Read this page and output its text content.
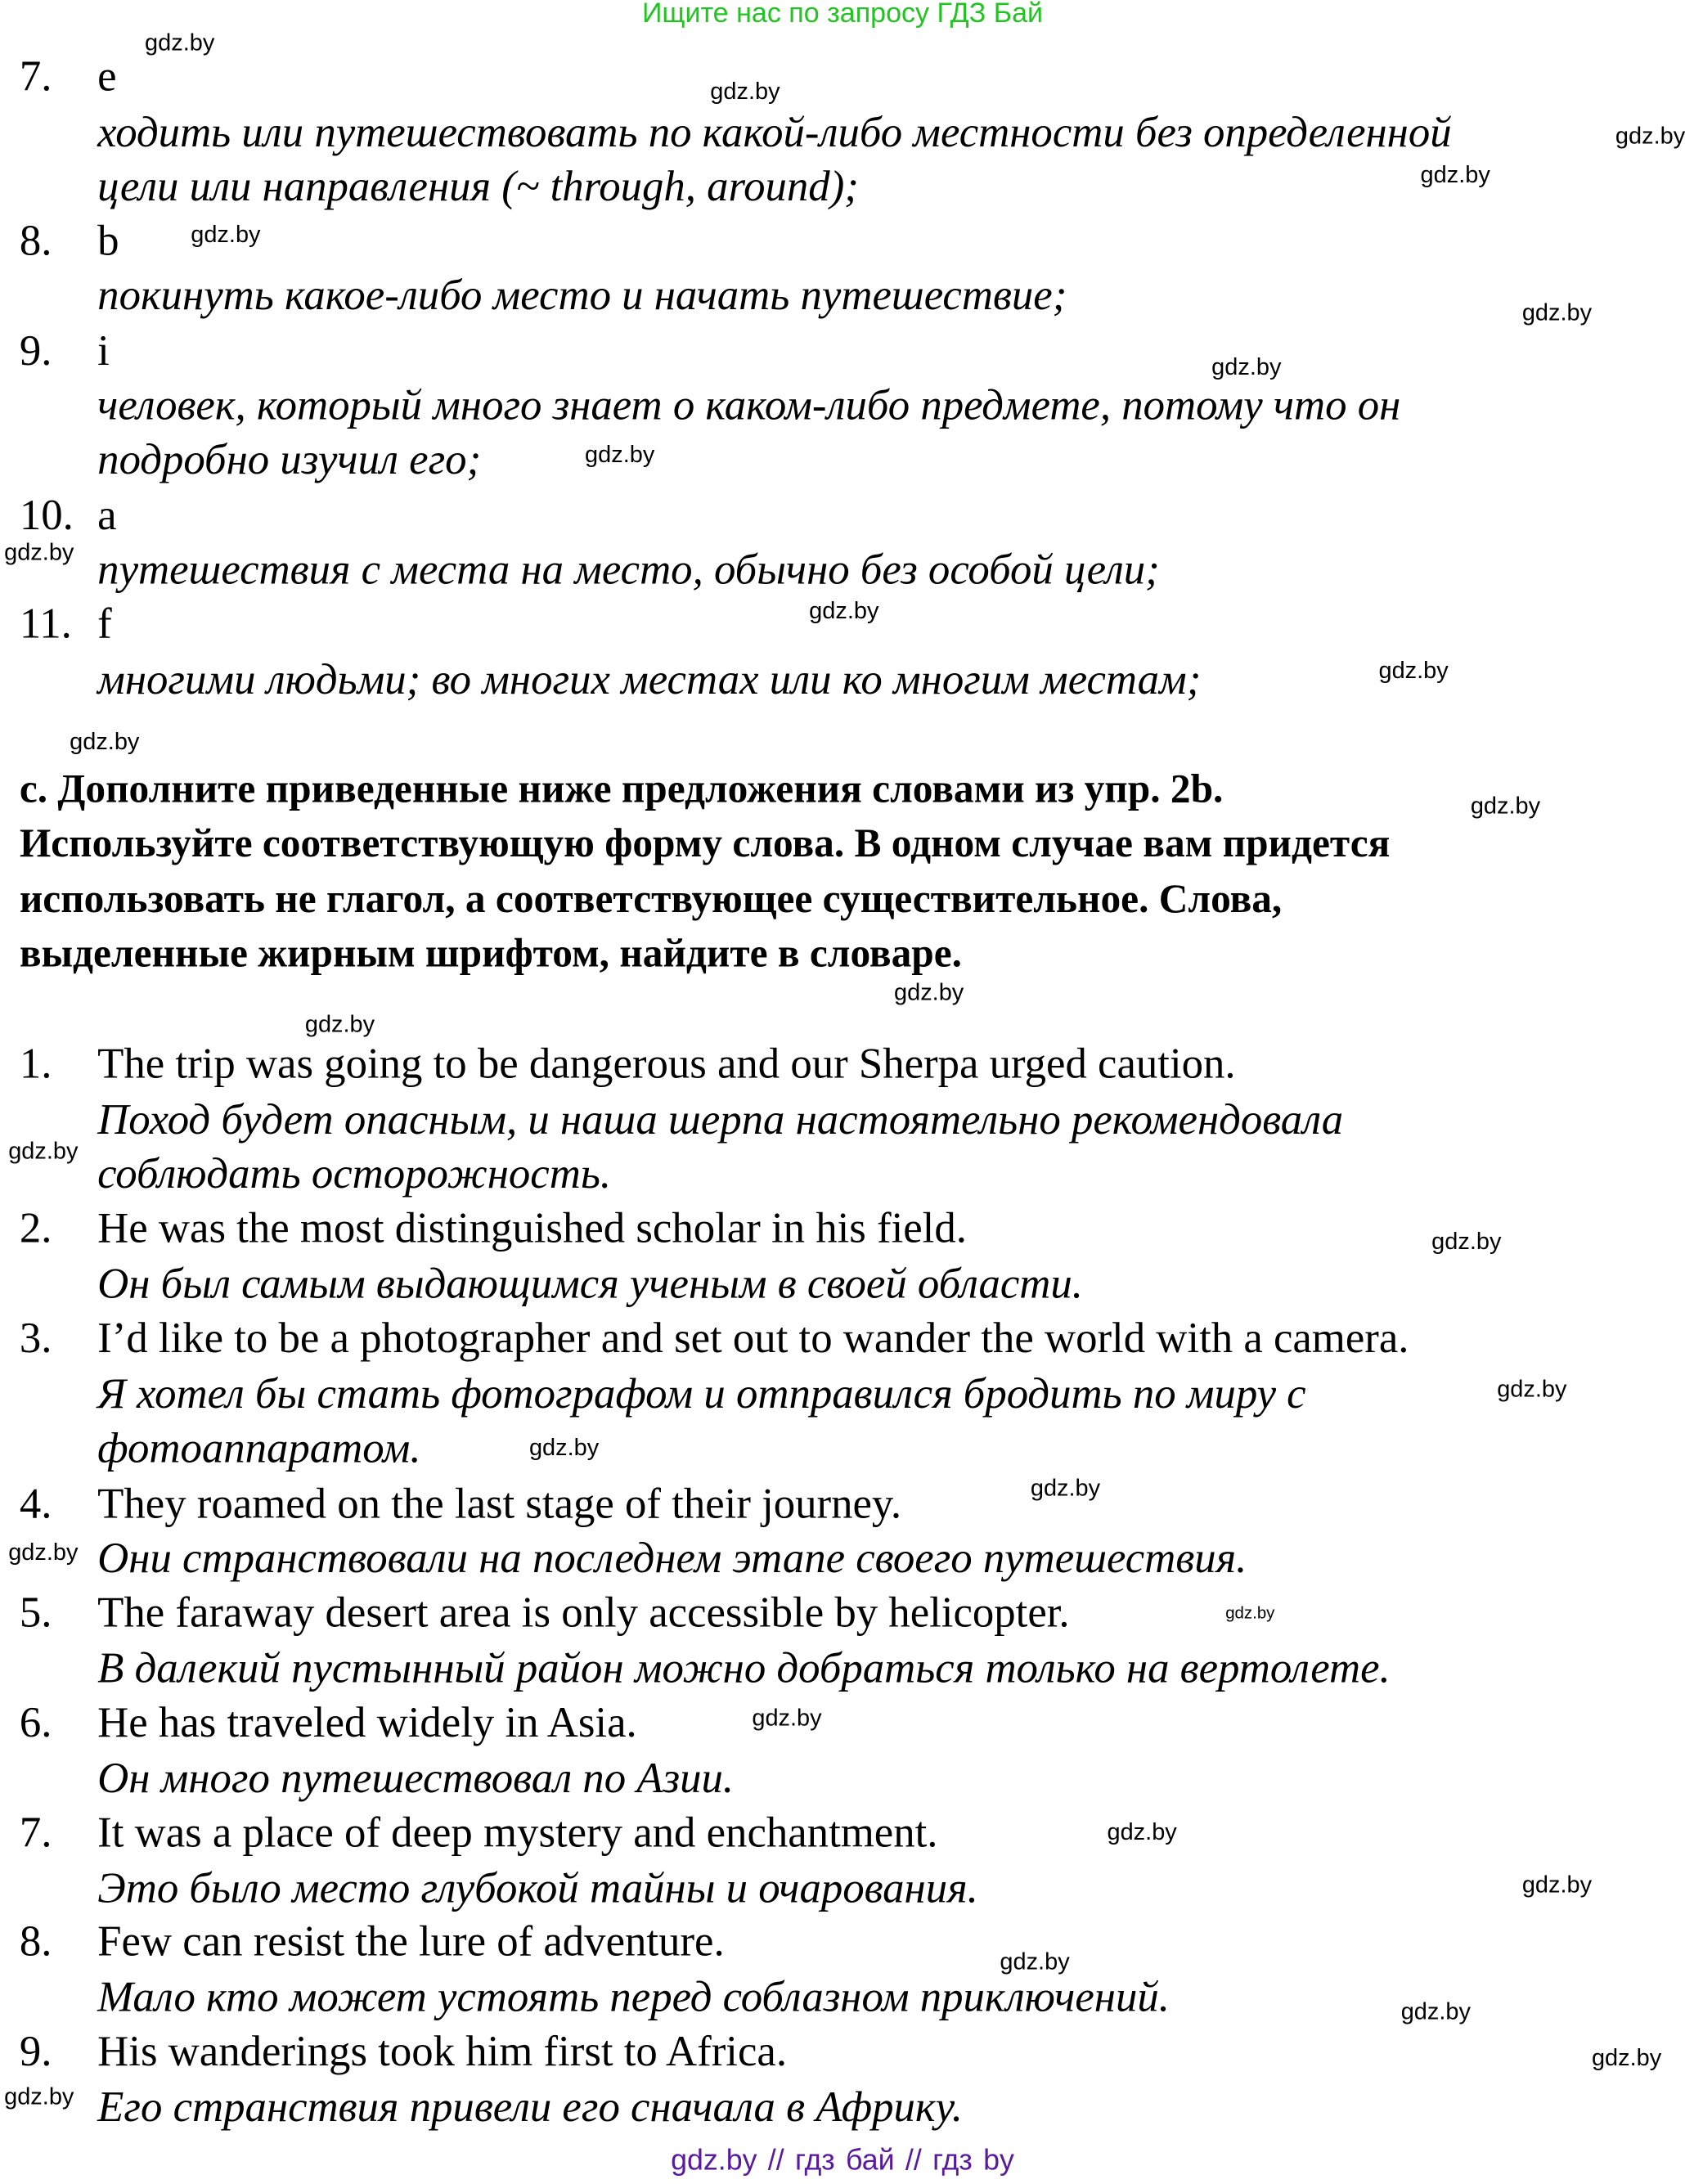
Ищите нас по запросу ГДЗ Бай
7. e
ходить или путешествовать по какой-либо местности без определенной
цели или направления (~ through, around);
8. b
покинуть какое-либо место и начать путешествие;
9. i
человек, который много знает о каком-либо предмете, потому что он
подробно изучил его;
10. a
путешествия с места на место, обычно без особой цели;
11. f
многими людьми; во многих местах или ко многим местам;
c. Дополните приведенные ниже предложения словами из упр. 2b.
Используйте соответствующую форму слова. В одном случае вам придется
использовать не глагол, а соответствующее существительное. Слова,
выделенные жирным шрифтом, найдите в словаре.
1. The trip was going to be dangerous and our Sherpa urged caution.
Поход будет опасным, и наша шерпа настоятельно рекомендовала
соблюдать осторожность.
2. He was the most distinguished scholar in his field.
Он был самым выдающимся ученым в своей области.
3. I’d like to be a photographer and set out to wander the world with a camera.
Я хотел бы стать фотографом и отправился бродить по миру с
фотоаппаратом.
4. They roamed on the last stage of their journey.
Они странствовали на последнем этапе своего путешествия.
5. The faraway desert area is only accessible by helicopter.
В далекий пустынный район можно добраться только на вертолете.
6. He has traveled widely in Asia.
Он много путешествовал по Азии.
7. It was a place of deep mystery and enchantment.
Это было место глубокой тайны и очарования.
8. Few can resist the lure of adventure.
Мало кто может устоять перед соблазном приключений.
9. His wanderings took him first to Africa.
Его странствия привели его сначала в Африку.
gdz.by
gdz.by
gdz.by
gdz.by
gdz.by
gdz.by
gdz.by
gdz.by
gdz.by
gdz.by
gdz.by
gdz.by
gdz.by
gdz.by
gdz.by
gdz.by
gdz.by
gdz.by
gdz.by
gdz.by
gdz.by
gdz.by
gdz.by
gdz.by
gdz.by
gdz.by
gdz.by
gdz.by
gdz.by
gdz.by // гдз бай // гдз by
